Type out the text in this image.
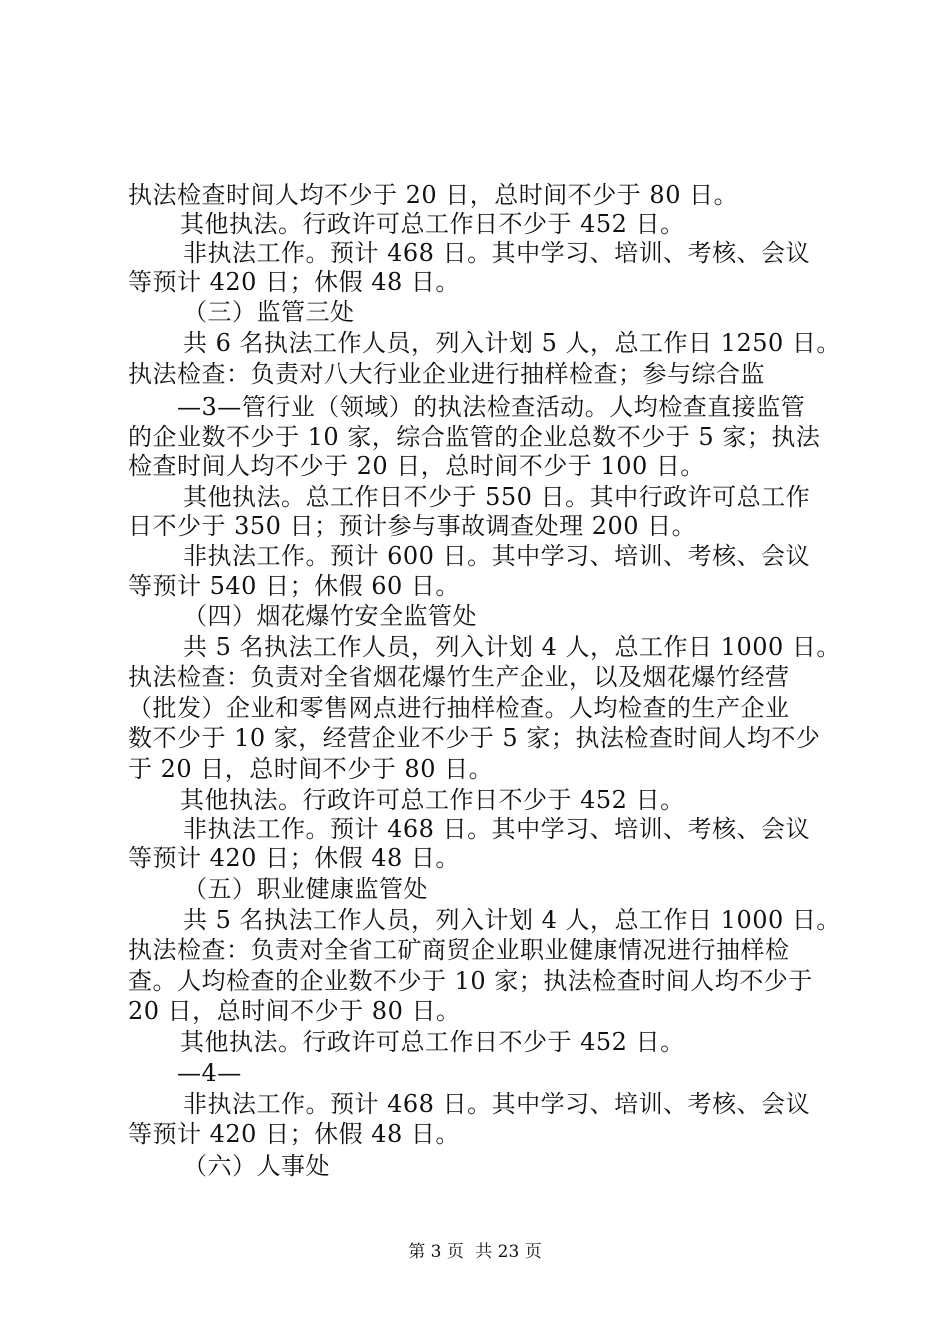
执法检查时间人均不少于 20 日，总时间不少于 80 日。
其他执法。行政许可总工作日不少于 452 日。
非执法工作。预计 468 日。其中学习、培训、考核、会议
等预计 420 日；休假 48 日。
（三）监管三处
共 6 名执法工作人员，列入计划 5 人，总工作日 1250 日。
执法检查：负责对八大行业企业进行抽样检查；参与综合监
—3—管行业（领域）的执法检查活动。人均检查直接监管
的企业数不少于 10 家，综合监管的企业总数不少于 5 家；执法
检查时间人均不少于 20 日，总时间不少于 100 日。
其他执法。总工作日不少于 550 日。其中行政许可总工作
日不少于 350 日；预计参与事故调查处理 200 日。
非执法工作。预计 600 日。其中学习、培训、考核、会议
等预计 540 日；休假 60 日。
（四）烟花爆竹安全监管处
共 5 名执法工作人员，列入计划 4 人，总工作日 1000 日。
执法检查：负责对全省烟花爆竹生产企业，以及烟花爆竹经营
（批发）企业和零售网点进行抽样检查。人均检查的生产企业
数不少于 10 家，经营企业不少于 5 家；执法检查时间人均不少
于 20 日，总时间不少于 80 日。
其他执法。行政许可总工作日不少于 452 日。
非执法工作。预计 468 日。其中学习、培训、考核、会议
等预计 420 日；休假 48 日。
（五）职业健康监管处
共 5 名执法工作人员，列入计划 4 人，总工作日 1000 日。
执法检查：负责对全省工矿商贸企业职业健康情况进行抽样检
查。人均检查的企业数不少于 10 家；执法检查时间人均不少于
20 日，总时间不少于 80 日。
其他执法。行政许可总工作日不少于 452 日。
—4—
非执法工作。预计 468 日。其中学习、培训、考核、会议
等预计 420 日；休假 48 日。
（六）人事处
第 3 页 共 23 页
